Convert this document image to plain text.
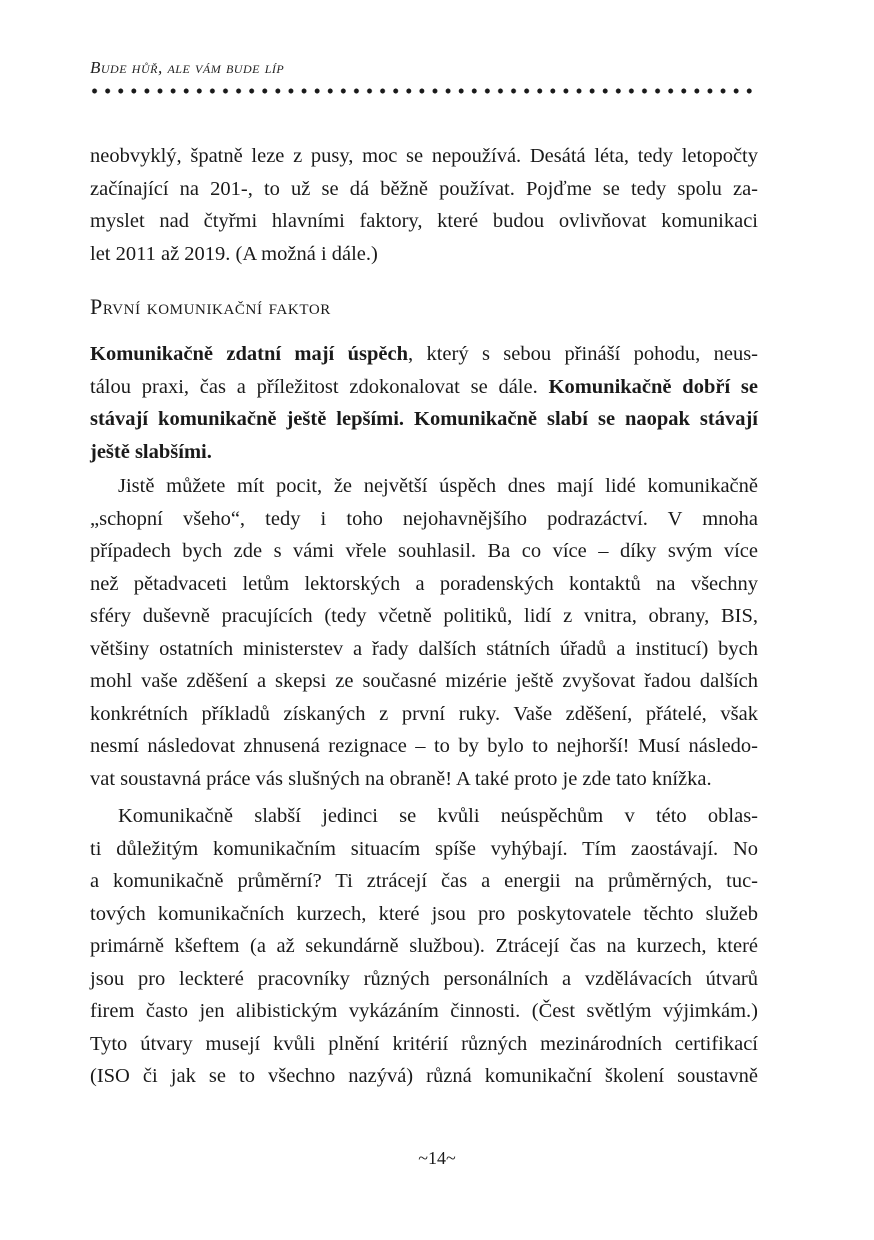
Bude hůř, ale vám bude líp
neobvyklý, špatně leze z pusy, moc se nepoužívá. Desátá léta, tedy letopočty
začínající na 201-, to už se dá běžně používat. Pojďme se tedy spolu za-
myslet nad čtyřmi hlavními faktory, které budou ovlivňovat komunikaci
let 2011 až 2019. (A možná i dále.)
První komunikační faktor
Komunikačně zdatní mají úspěch, který s sebou přináší pohodu, neus-
tálou praxi, čas a příležitost zdokonalovat se dále. Komunikačně dobří se
stávají komunikačně ještě lepšími. Komunikačně slabí se naopak stávají
ještě slabšími.
Jistě můžete mít pocit, že největší úspěch dnes mají lidé komunikačně
„schopní všeho“, tedy i toho nejohavnějšího podrazáctví. V mnoha
případech bych zde s vámi vřele souhlasil. Ba co více – díky svým více
než pětadvaceti letům lektorských a poradenských kontaktů na všechny
sféry duševně pracujících (tedy včetně politiků, lidí z vnitra, obrany, BIS,
většiny ostatních ministerstev a řady dalších státních úřadů a institucí) bych
mohl vaše zděšení a skepsi ze současné mizérie ještě zvyšovat řadou dalších
konkrétních příkladů získaných z první ruky. Vaše zděšení, přátelé, však
nesmí následovat zhnusená rezignace – to by bylo to nejhorší! Musí následo-
vat soustavná práce vás slušných na obraně! A také proto je zde tato knížka.
Komunikačně slabší jedinci se kvůli neúspěchům v této oblas-
ti důležitým komunikačním situacím spíše vyhýbají. Tím zaostávají. No
a komunikačně průměrní? Ti ztrácejí čas a energii na průměrných, tuc-
tových komunikačních kurzech, které jsou pro poskytovatele těchto služeb
primárně kšeftem (a až sekundárně službou). Ztrácejí čas na kurzech, které
jsou pro leckteré pracovníky různých personálních a vzdělávacích útvarů
firem často jen alibistickým vykázáním činnosti. (Čest světlým výjimkám.)
Tyto útvary musejí kvůli plnění kritérií různých mezinárodních certifikací
(ISO či jak se to všechno nazývá) různá komunikační školení soustavně
~14~
